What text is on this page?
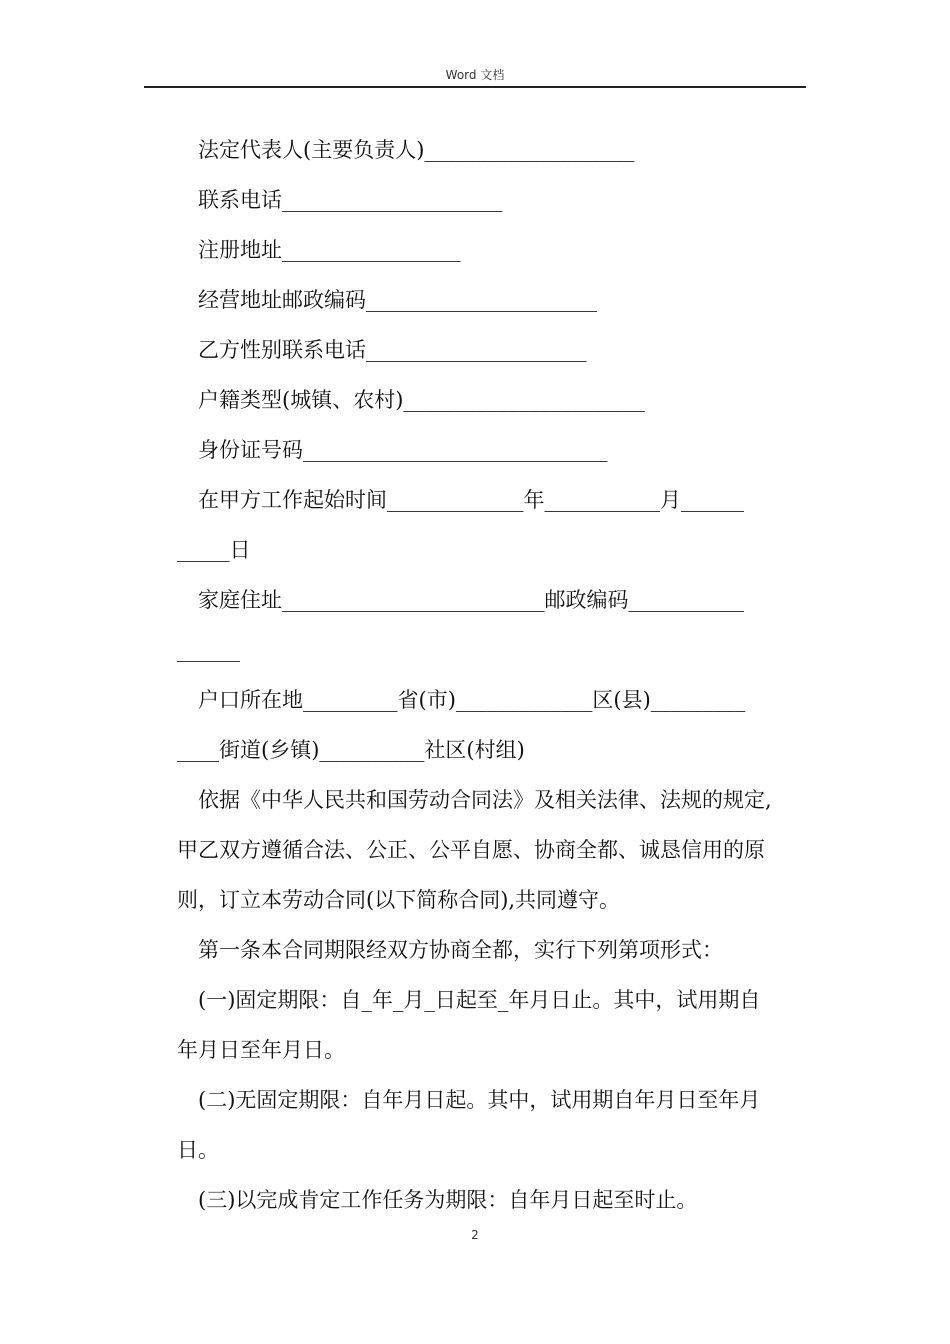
Word 文档
法定代表人(主要负责人)____________________
联系电话_____________________
注册地址_________________
经营地址邮政编码______________________
乙方性别联系电话_____________________
户籍类型(城镇、农村)_______________________
身份证号码_____________________________
在甲方工作起始时间_____________年___________月______
_____日
家庭住址_________________________邮政编码___________
______
户口所在地_________省(市)_____________区(县)_________
____街道(乡镇)__________社区(村组)
依据《中华人民共和国劳动合同法》及相关法律、法规的规定,
甲乙双方遵循合法、公正、公平自愿、协商全都、诚恳信用的原
则，订立本劳动合同(以下简称合同),共同遵守。
第一条本合同期限经双方协商全都，实行下列第项形式：
(一)固定期限：自_年_月_日起至_年月日止。其中，试用期自
年月日至年月日。
(二)无固定期限：自年月日起。其中，试用期自年月日至年月
日。
(三)以完成肯定工作任务为期限：自年月日起至时止。
2
